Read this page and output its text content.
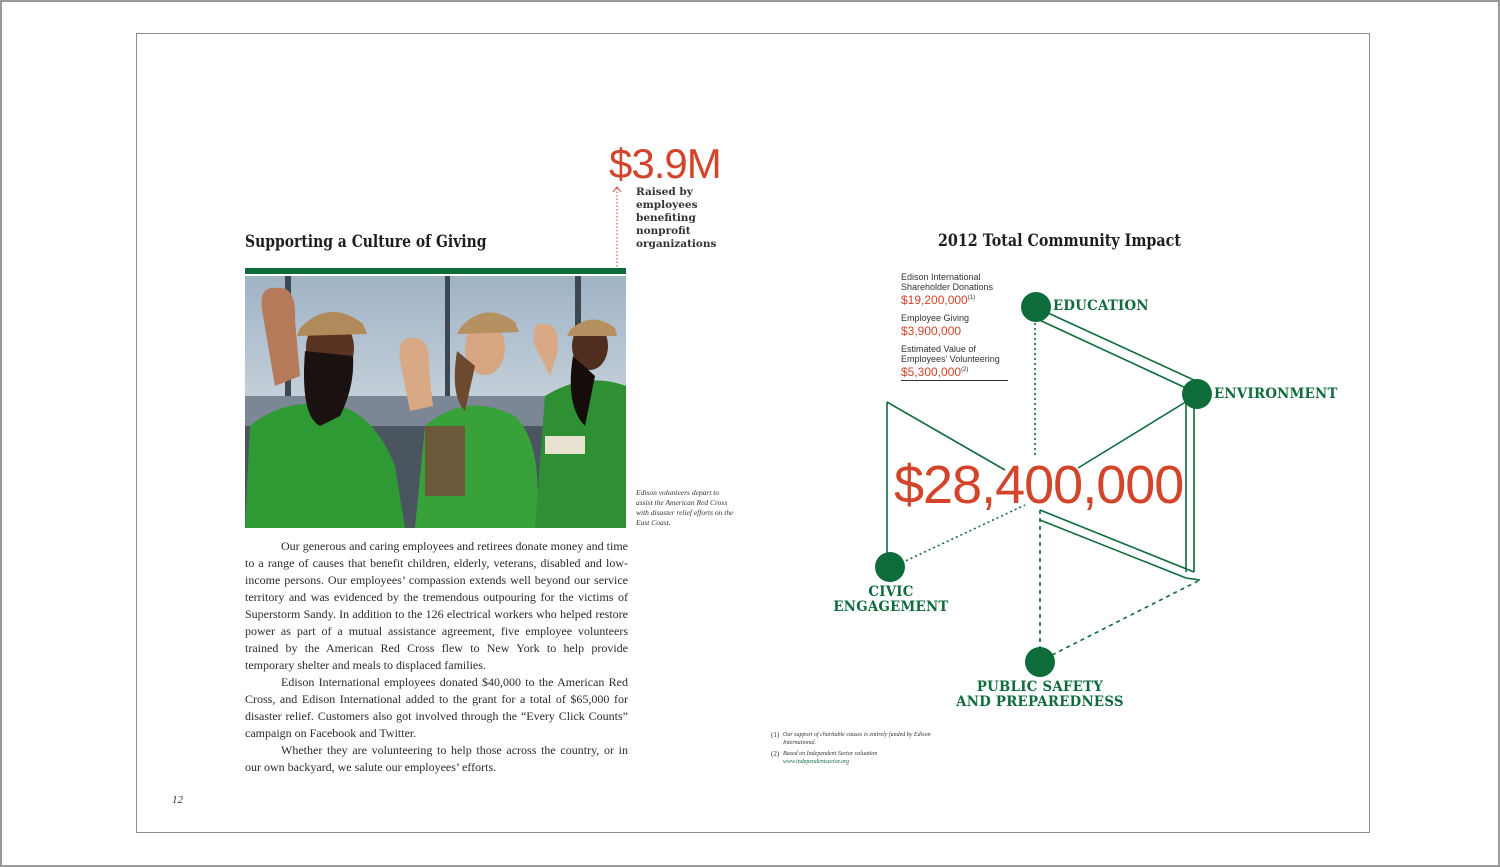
$3.9M
Raised by employees benefiting nonprofit organizations
Supporting a Culture of Giving
Edison volunteers depart to assist the American Red Cross with disaster relief efforts on the East Coast.

Our generous and caring employees and retirees donate money and time to a range of causes that benefit children, elderly, veterans, disabled and low-income persons. Our employees’ compassion extends well beyond our service territory and was evidenced by the tremendous outpouring for the victims of Superstorm Sandy. In addition to the 126 electrical workers who helped restore power as part of a mutual assistance agreement, five employee volunteers trained by the American Red Cross flew to New York to help provide temporary shelter and meals to displaced families.

Edison International employees donated $40,000 to the American Red Cross, and Edison International added to the grant for a total of $65,000 for disaster relief. Customers also got involved through the “Every Click Counts” campaign on Facebook and Twitter.

Whether they are volunteering to help those across the country, or in our own backyard, we salute our employees’ efforts.

12
2012 Total Community Impact
Edison International Shareholder Donations
$19,200,000$^{(1)}$
Employee Giving
$3,900,000
Estimated Value of Employees’ Volunteering
$5,300,000$^{(2)}$
EDUCATION
ENVIRONMENT
CIVIC
ENGAGEMENT
PUBLIC SAFETY
AND PREPAREDNESS
$28,400,000
(1) Our support of charitable causes is entirely funded by Edison International.
(2) Based on Independent Sector valuation
www.independentsector.org
